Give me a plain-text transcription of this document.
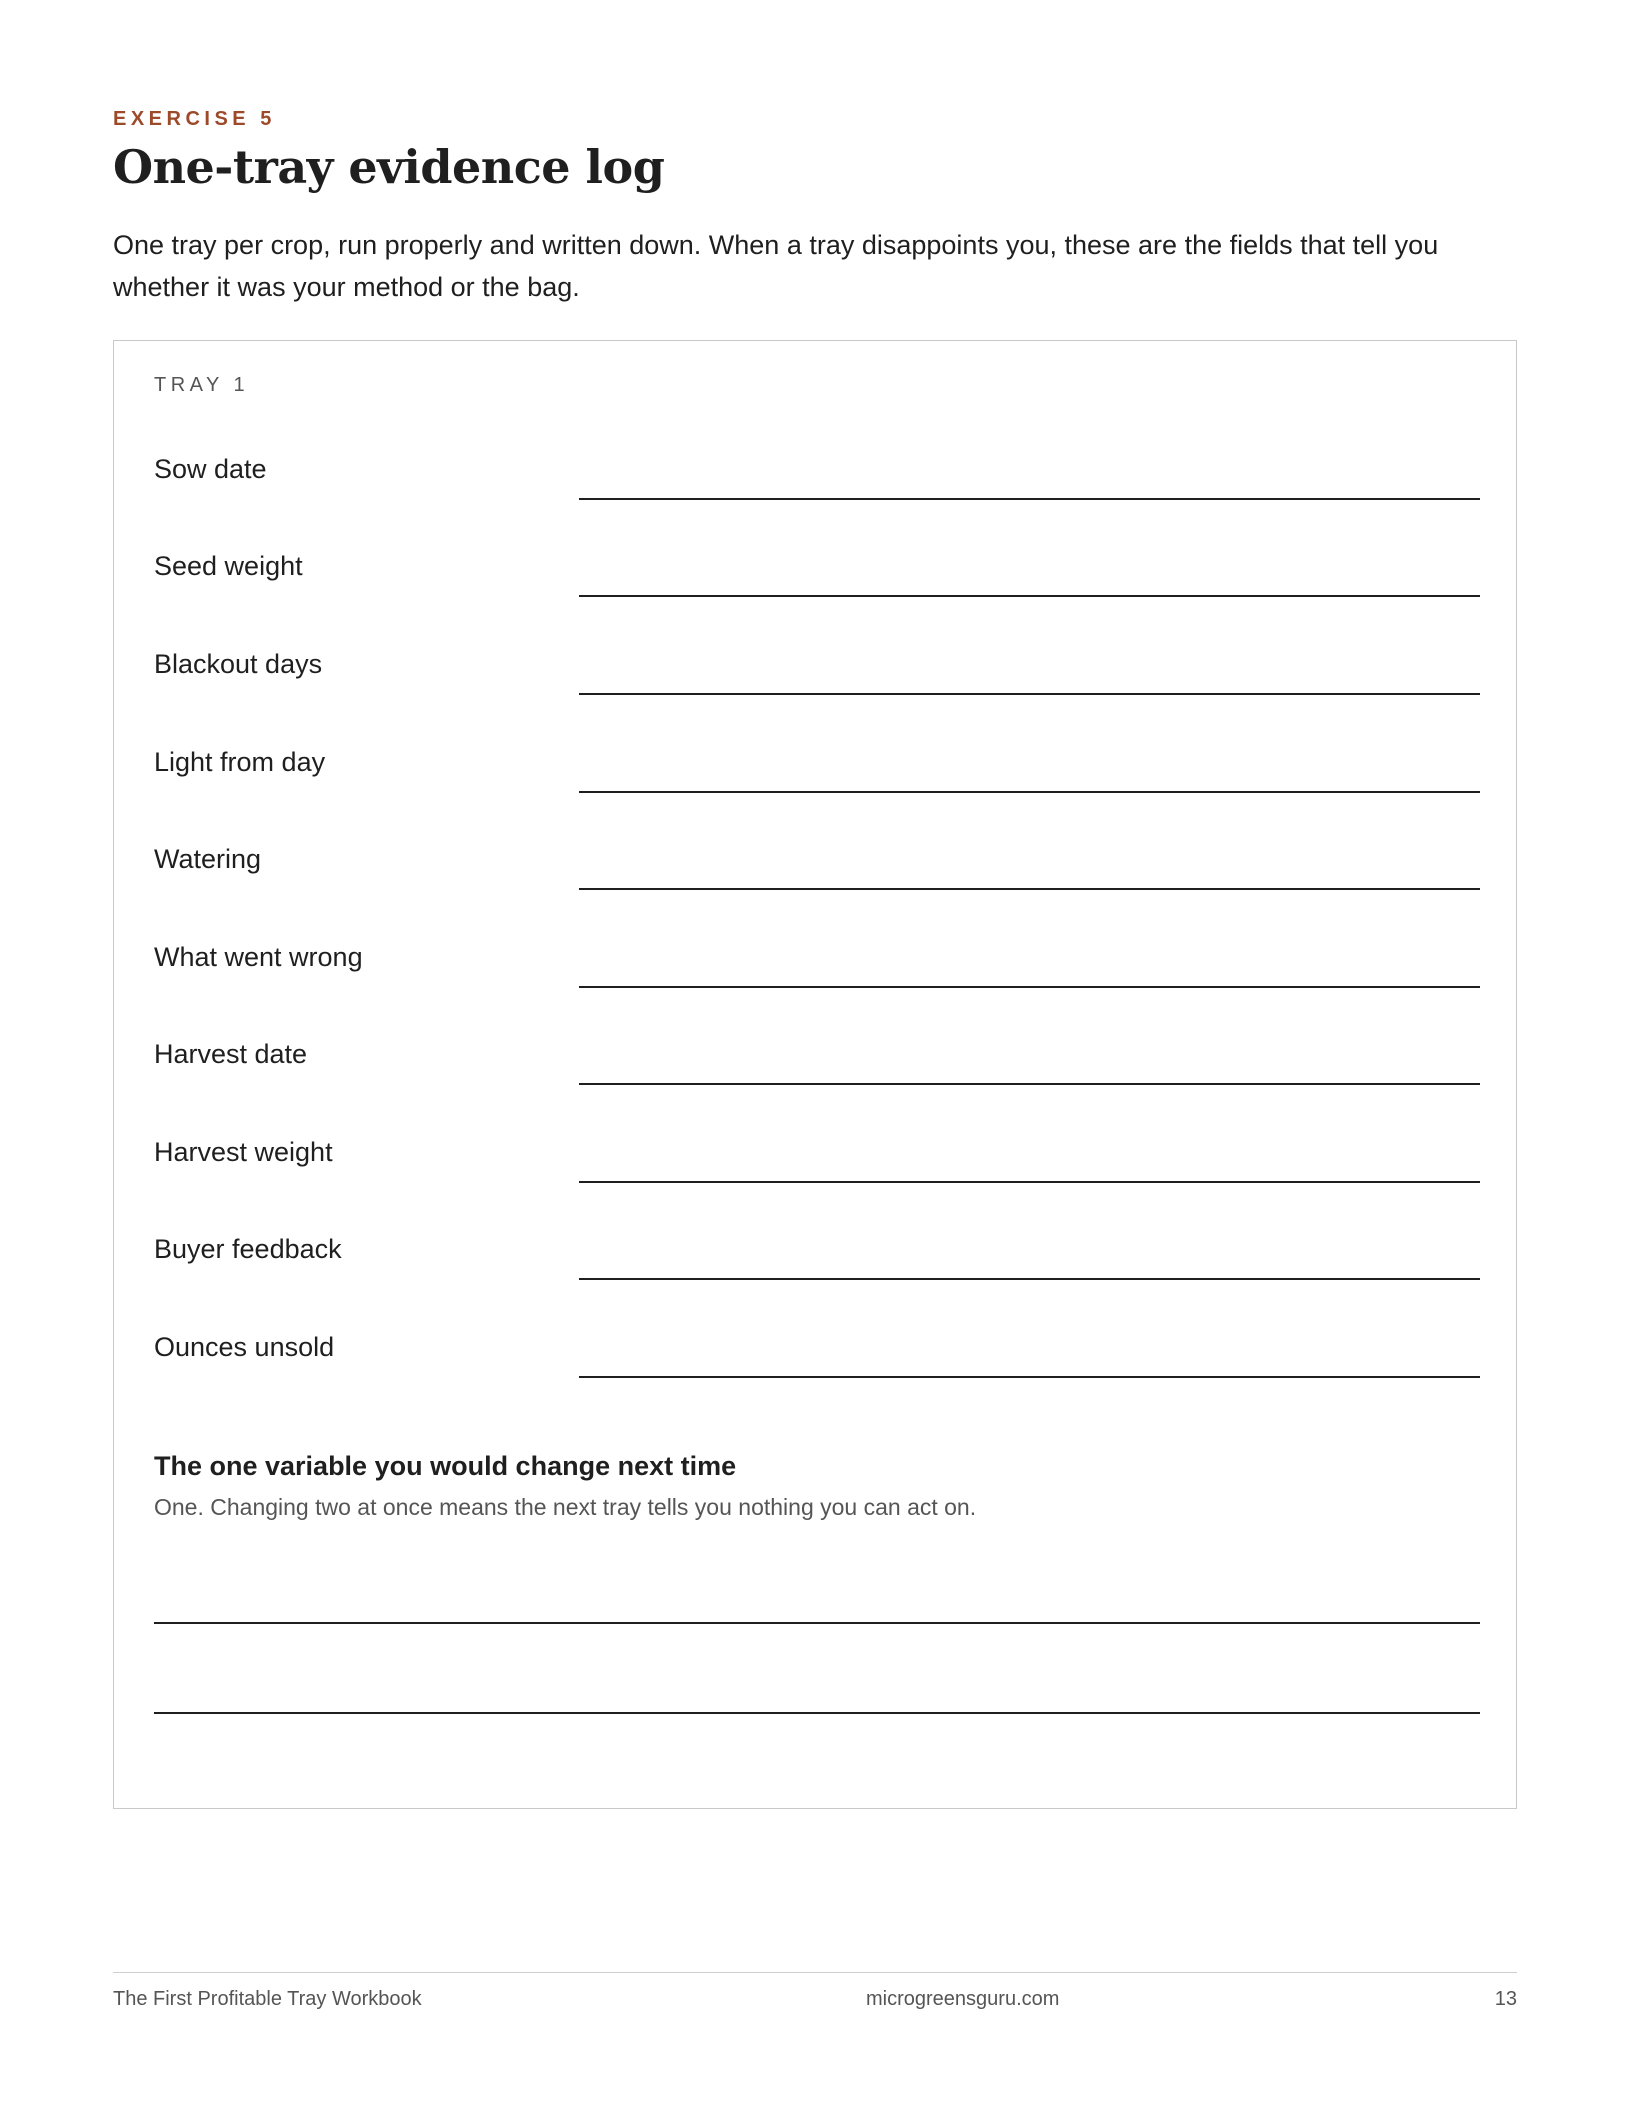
EXERCISE 5
One-tray evidence log

One tray per crop, run properly and written down. When a tray disappoints you, these are the fields that tell you whether it was your method or the bag.

TRAY 1
Sow date
Seed weight
Blackout days
Light from day
Watering
What went wrong
Harvest date
Harvest weight
Buyer feedback
Ounces unsold
The one variable you would change next time

One. Changing two at once means the next tray tells you nothing you can act on.

The First Profitable Tray Workbook	microgreensguru.com	13
